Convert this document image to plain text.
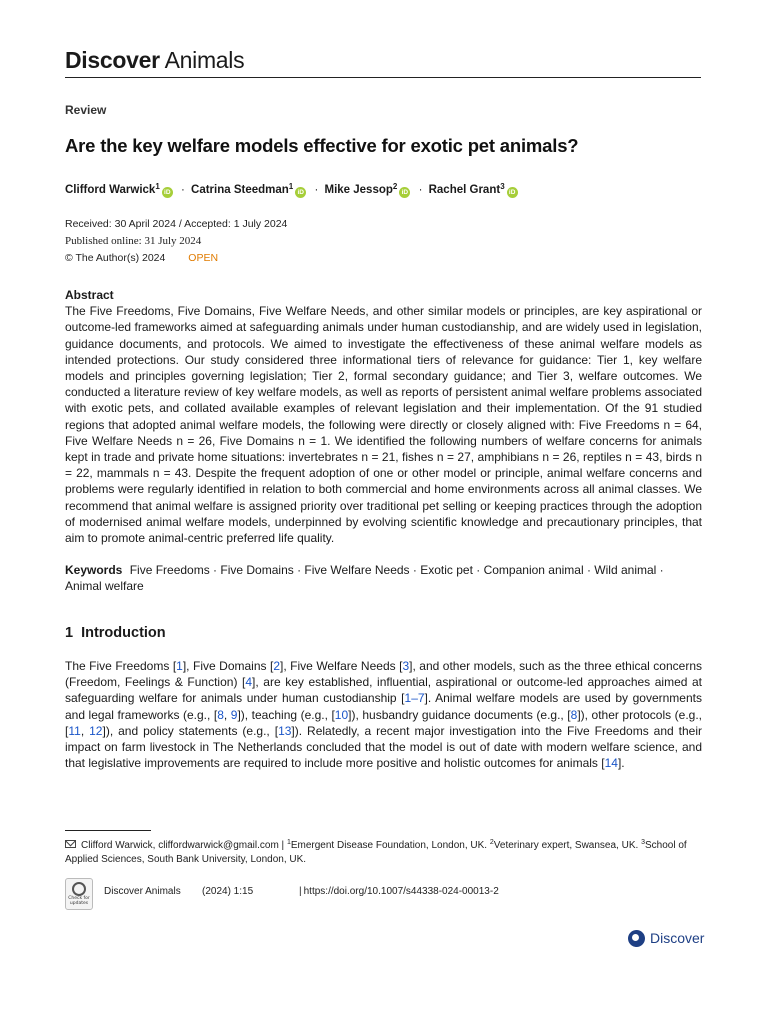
Discover Animals
Review
Are the key welfare models effective for exotic pet animals?
Clifford Warwick$^1$iD · Catrina Steedman$^1$iD · Mike Jessop$^2$iD · Rachel Grant$^3$iD
Received: 30 April 2024 / Accepted: 1 July 2024
Published online: 31 July 2024
© The Author(s) 2024 OPEN
Abstract

The Five Freedoms, Five Domains, Five Welfare Needs, and other similar models or principles, are key aspirational or outcome-led frameworks aimed at safeguarding animals under human custodianship, and are widely used in legislation, guidance documents, and protocols. We aimed to investigate the effectiveness of these animal welfare models as intended protections. Our study considered three informational tiers of relevance for guidance: Tier 1, key welfare models and principles governing legislation; Tier 2, formal secondary guidance; and Tier 3, welfare outcomes. We conducted a literature review of key welfare models, as well as reports of persistent animal welfare problems associated with exotic pets, and collated available examples of relevant legislation and their implementation. Of the 91 studied regions that adopted animal welfare models, the following were directly or closely aligned with: Five Freedoms n = 64, Five Welfare Needs n = 26, Five Domains n = 1. We identified the following numbers of welfare concerns for animals kept in trade and private home situations: invertebrates n = 21, fishes n = 27, amphibians n = 26, reptiles n = 43, birds n = 22, mammals n = 43. Despite the frequent adoption of one or other model or principle, animal welfare concerns and problems were regularly identified in relation to both commercial and home environments across all animal classes. We recommend that animal welfare is assigned priority over traditional pet selling or keeping practices through the adoption of modernised animal welfare models, underpinned by evolving scientific knowledge and precautionary principles, that aim to promote animal-centric preferred life quality.

Keywords Five Freedoms · Five Domains · Five Welfare Needs · Exotic pet · Companion animal · Wild animal · Animal welfare
1 Introduction

The Five Freedoms [1], Five Domains [2], Five Welfare Needs [3], and other models, such as the three ethical concerns (Freedom, Feelings & Function) [4], are key established, influential, aspirational or outcome-led approaches aimed at safeguarding welfare for animals under human custodianship [1–7]. Animal welfare models are used by governments and legal frameworks (e.g., [8, 9]), teaching (e.g., [10]), husbandry guidance documents (e.g., [8]), other protocols (e.g., [11, 12]), and policy statements (e.g., [13]). Relatedly, a recent major investigation into the Five Freedoms and their impact on farm livestock in The Netherlands concluded that the model is out of date with modern welfare science, and that legislative improvements are required to include more positive and holistic outcomes for animals [14].

Clifford Warwick, cliffordwarwick@gmail.com | $^1$Emergent Disease Foundation, London, UK. $^2$Veterinary expert, Swansea, UK. $^3$School of Applied Sciences, South Bank University, London, UK.
Check for updates
Discover Animals (2024) 1:15	| https://doi.org/10.1007/s44338-024-00013-2
Discover
